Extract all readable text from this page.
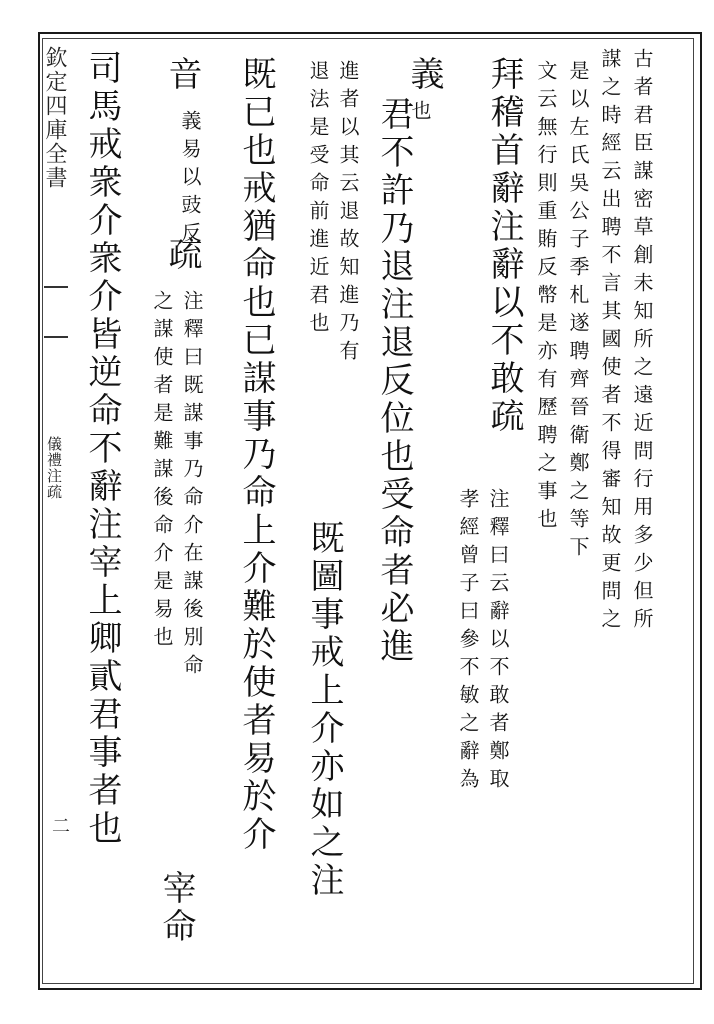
欽定四庫全書
儀禮注疏
二
古者君臣謀密草創未知所之遠近問行用多少但所
謀之時經云出聘不言其國使者不得審知故更問之
是以左氏吳公子季札遂聘齊晉衛鄭之等下
文云無行則重賄反幣是亦有歷聘之事也
拜稽首辭注辭以不敢疏
注釋曰云辭以不敢者鄭取
孝經曾子曰參不敏之辭為
義
君不許乃退注退反位也受命者必進
也
進者以其云退故知進乃有
退法是受命前進近君也
既圖事戒上介亦如之注
既已也戒猶命也已謀事乃命上介難於使者易於介
音
義易以豉反
疏
注釋曰既謀事乃命介在謀後別命
之謀使者是難謀後命介是易也
宰命
司馬戒衆介衆介皆逆命不辭注宰上卿貳君事者也
